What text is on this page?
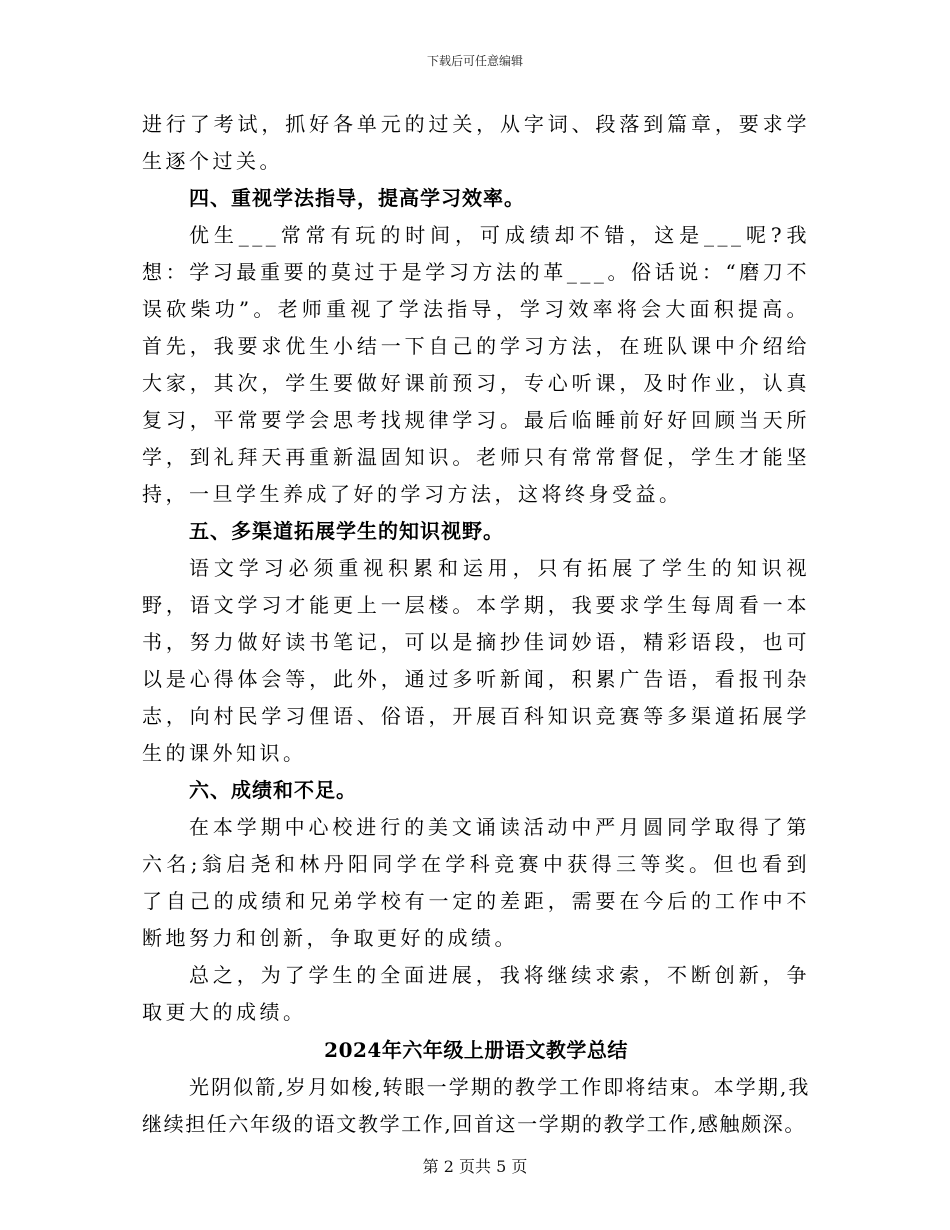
下载后可任意编辑

进行了考试，抓好各单元的过关，从字词、段落到篇章，要求学生逐个过关。

四、重视学法指导，提高学习效率。

优生___常常有玩的时间，可成绩却不错，这是___呢?我想：学习最重要的莫过于是学习方法的革___。俗话说：“磨刀不误砍柴功”。老师重视了学法指导，学习效率将会大面积提高。首先，我要求优生小结一下自己的学习方法，在班队课中介绍给大家，其次，学生要做好课前预习，专心听课，及时作业，认真复习，平常要学会思考找规律学习。最后临睡前好好回顾当天所学，到礼拜天再重新温固知识。老师只有常常督促，学生才能坚持，一旦学生养成了好的学习方法，这将终身受益。

五、多渠道拓展学生的知识视野。

语文学习必须重视积累和运用，只有拓展了学生的知识视野，语文学习才能更上一层楼。本学期，我要求学生每周看一本书，努力做好读书笔记，可以是摘抄佳词妙语，精彩语段，也可以是心得体会等，此外，通过多听新闻，积累广告语，看报刊杂志，向村民学习俚语、俗语，开展百科知识竞赛等多渠道拓展学生的课外知识。

六、成绩和不足。

在本学期中心校进行的美文诵读活动中严月圆同学取得了第六名;翁启尧和林丹阳同学在学科竞赛中获得三等奖。但也看到了自己的成绩和兄弟学校有一定的差距，需要在今后的工作中不断地努力和创新，争取更好的成绩。

总之，为了学生的全面进展，我将继续求索，不断创新，争取更大的成绩。

2024年六年级上册语文教学总结

光阴似箭,岁月如梭,转眼一学期的教学工作即将结束。本学期,我继续担任六年级的语文教学工作,回首这一学期的教学工作,感触颇深。

第 2 页共 5 页
